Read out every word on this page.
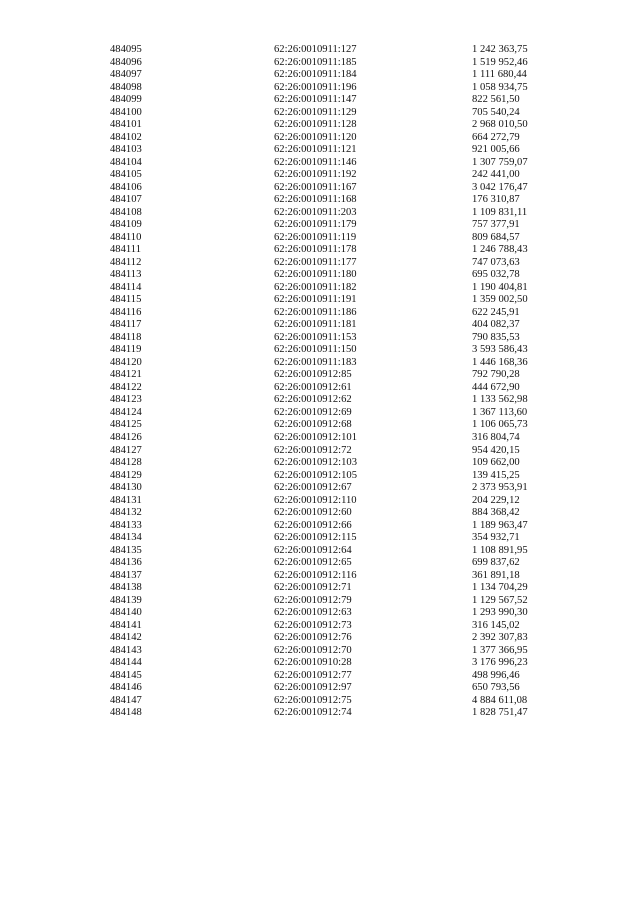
484095	62:26:0010911:127	1 242 363,75
484096	62:26:0010911:185	1 519 952,46
484097	62:26:0010911:184	1 111 680,44
484098	62:26:0010911:196	1 058 934,75
484099	62:26:0010911:147	822 561,50
484100	62:26:0010911:129	705 540,24
484101	62:26:0010911:128	2 968 010,50
484102	62:26:0010911:120	664 272,79
484103	62:26:0010911:121	921 005,66
484104	62:26:0010911:146	1 307 759,07
484105	62:26:0010911:192	242 441,00
484106	62:26:0010911:167	3 042 176,47
484107	62:26:0010911:168	176 310,87
484108	62:26:0010911:203	1 109 831,11
484109	62:26:0010911:179	757 377,91
484110	62:26:0010911:119	809 684,57
484111	62:26:0010911:178	1 246 788,43
484112	62:26:0010911:177	747 073,63
484113	62:26:0010911:180	695 032,78
484114	62:26:0010911:182	1 190 404,81
484115	62:26:0010911:191	1 359 002,50
484116	62:26:0010911:186	622 245,91
484117	62:26:0010911:181	404 082,37
484118	62:26:0010911:153	790 835,53
484119	62:26:0010911:150	3 593 586,43
484120	62:26:0010911:183	1 446 168,36
484121	62:26:0010912:85	792 790,28
484122	62:26:0010912:61	444 672,90
484123	62:26:0010912:62	1 133 562,98
484124	62:26:0010912:69	1 367 113,60
484125	62:26:0010912:68	1 106 065,73
484126	62:26:0010912:101	316 804,74
484127	62:26:0010912:72	954 420,15
484128	62:26:0010912:103	109 662,00
484129	62:26:0010912:105	139 415,25
484130	62:26:0010912:67	2 373 953,91
484131	62:26:0010912:110	204 229,12
484132	62:26:0010912:60	884 368,42
484133	62:26:0010912:66	1 189 963,47
484134	62:26:0010912:115	354 932,71
484135	62:26:0010912:64	1 108 891,95
484136	62:26:0010912:65	699 837,62
484137	62:26:0010912:116	361 891,18
484138	62:26:0010912:71	1 134 704,29
484139	62:26:0010912:79	1 129 567,52
484140	62:26:0010912:63	1 293 990,30
484141	62:26:0010912:73	316 145,02
484142	62:26:0010912:76	2 392 307,83
484143	62:26:0010912:70	1 377 366,95
484144	62:26:0010910:28	3 176 996,23
484145	62:26:0010912:77	498 996,46
484146	62:26:0010912:97	650 793,56
484147	62:26:0010912:75	4 884 611,08
484148	62:26:0010912:74	1 828 751,47
